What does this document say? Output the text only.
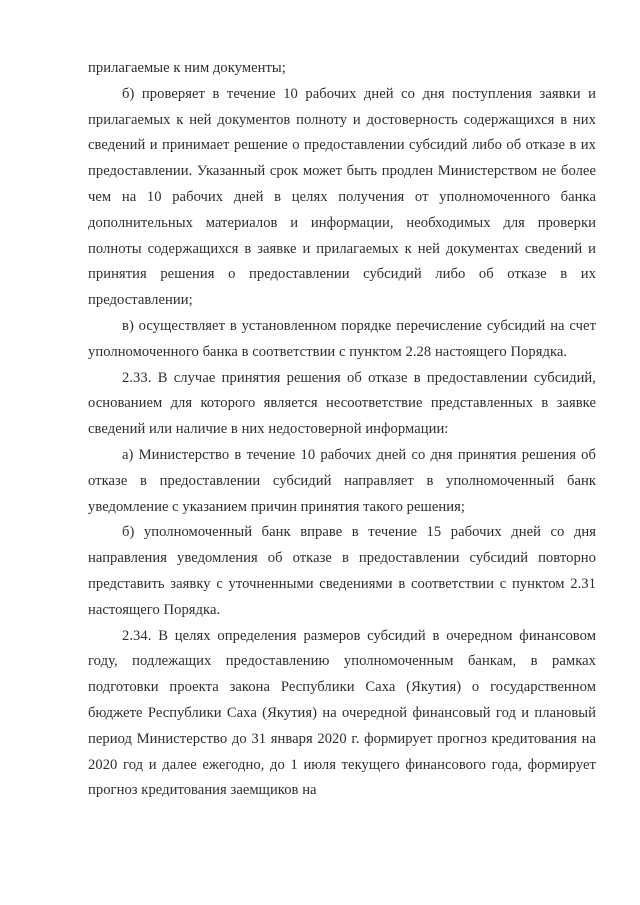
прилагаемые к ним документы;

б) проверяет в течение 10 рабочих дней со дня поступления заявки и прилагаемых к ней документов полноту и достоверность содержащихся в них сведений и принимает решение о предоставлении субсидий либо об отказе в их предоставлении. Указанный срок может быть продлен Министерством не более чем на 10 рабочих дней в целях получения от уполномоченного банка дополнительных материалов и информации, необходимых для проверки полноты содержащихся в заявке и прилагаемых к ней документах сведений и принятия решения о предоставлении субсидий либо об отказе в их предоставлении;

в) осуществляет в установленном порядке перечисление субсидий на счет уполномоченного банка в соответствии с пунктом 2.28 настоящего Порядка.

2.33. В случае принятия решения об отказе в предоставлении субсидий, основанием для которого является несоответствие представленных в заявке сведений или наличие в них недостоверной информации:

а) Министерство в течение 10 рабочих дней со дня принятия решения об отказе в предоставлении субсидий направляет в уполномоченный банк уведомление с указанием причин принятия такого решения;

б) уполномоченный банк вправе в течение 15 рабочих дней со дня направления уведомления об отказе в предоставлении субсидий повторно представить заявку с уточненными сведениями в соответствии с пунктом 2.31 настоящего Порядка.

2.34. В целях определения размеров субсидий в очередном финансовом году, подлежащих предоставлению уполномоченным банкам, в рамках подготовки проекта закона Республики Саха (Якутия) о государственном бюджете Республики Саха (Якутия) на очередной финансовый год и плановый период Министерство до 31 января 2020 г. формирует прогноз кредитования на 2020 год и далее ежегодно, до 1 июля текущего финансового года, формирует прогноз кредитования заемщиков на
